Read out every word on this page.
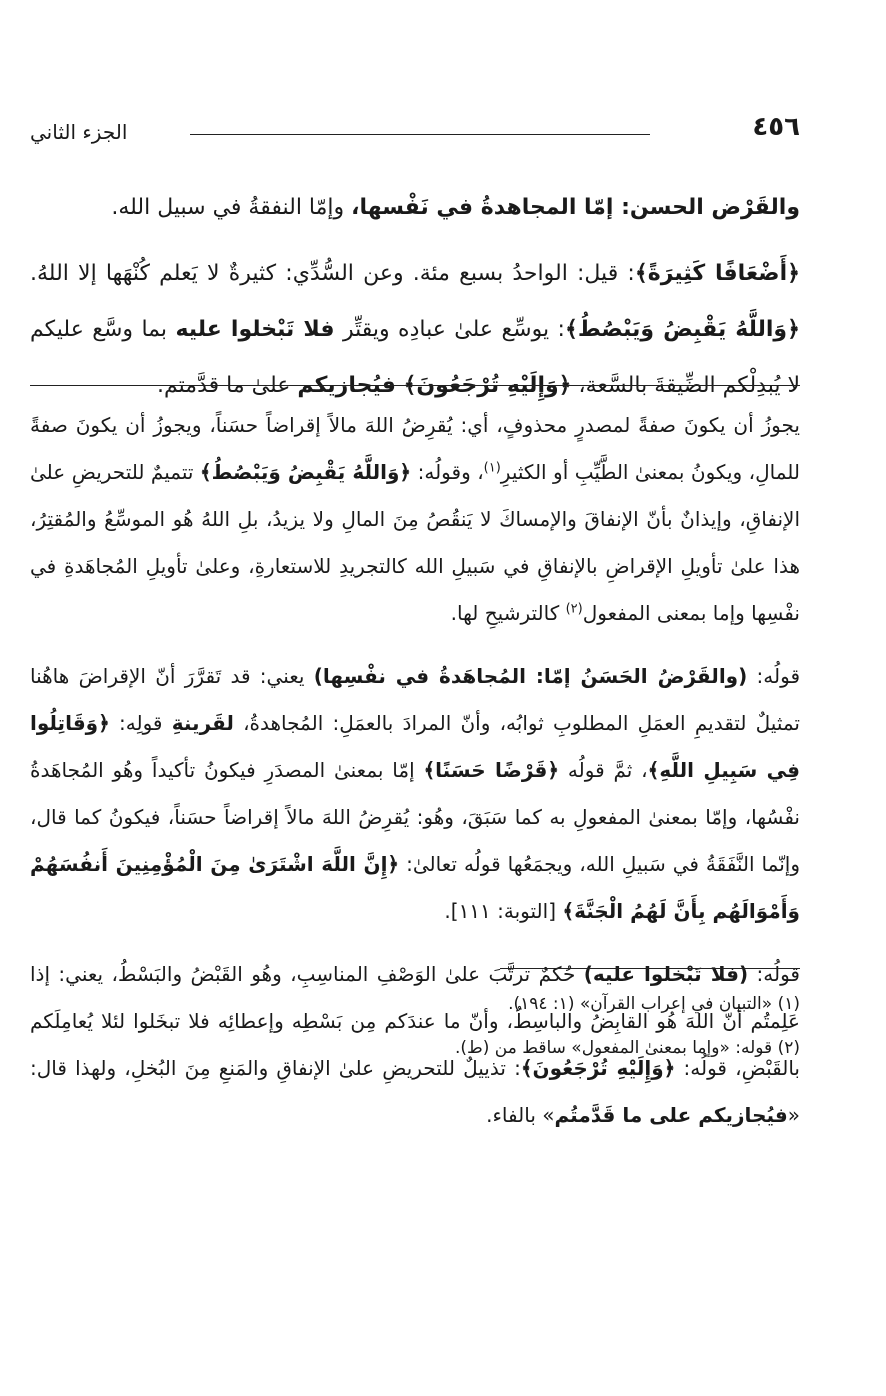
٤٥٦
الجزء الثاني

والقَرْض الحسن: إمّا المجاهدةُ في نَفْسها، وإمّا النفقةُ في سبيل الله.

﴿أَضْعَافًا كَثِيرَةً﴾: قيل: الواحدُ بسبع مئة. وعن السُّدِّي: كثيرةٌ لا يَعلم كُنْهَها إلا اللهُ. ﴿وَاللَّهُ يَقْبِضُ وَيَبْصُطُ﴾: يوسِّع علىٰ عبادِه ويقتِّر فلا تَبْخلوا عليه بما وسَّع عليكم لا يُبدِلْكم الضِّيقةَ بالسَّعة، ﴿وَإِلَيْهِ تُرْجَعُونَ﴾ فيُجازيكم علىٰ ما قدَّمتم.

يجوزُ أن يكونَ صفةً لمصدرٍ محذوفٍ، أي: يُقرِضُ اللهَ مالاً إقراضاً حسَناً، ويجوزُ أن يكونَ صفةً للمالِ، ويكونُ بمعنىٰ الطَّيِّبِ أو الكثيرِ$^{(١)}$، وقولُه: ﴿وَاللَّهُ يَقْبِضُ وَيَبْصُطُ﴾ تتميمٌ للتحريضِ علىٰ الإنفاقِ، وإيذانٌ بأنّ الإنفاقَ والإمساكَ لا يَنقُصُ مِنَ المالِ ولا يزيدُ، بلِ اللهُ هُو الموسِّعُ والمُقتِرُ، هذا علىٰ تأويلِ الإقراضِ بالإنفاقِ في سَبيلِ الله كالتجريدِ للاستعارةِ، وعلىٰ تأويلِ المُجاهَدةِ في نفْسِها وإما بمعنى المفعول$^{(٢)}$ كالترشيحِ لها.

قولُه: (والقَرْضُ الحَسَنُ إمّا: المُجاهَدةُ في نفْسِها) يعني: قد تَقرَّرَ أنّ الإقراضَ هاهُنا تمثيلٌ لتقديمِ العمَلِ المطلوبِ ثوابُه، وأنّ المرادَ بالعمَلِ: المُجاهدةُ، لقَرينةِ قولِه: ﴿وَقَاتِلُوا فِي سَبِيلِ اللَّهِ﴾، ثمَّ قولُه ﴿قَرْضًا حَسَنًا﴾ إمّا بمعنىٰ المصدَرِ فيكونُ تأكيداً وهُو المُجاهَدةُ نفْسُها، وإمّا بمعنىٰ المفعولِ به كما سَبَقَ، وهُو: يُقرِضُ اللهَ مالاً إقراضاً حسَناً، فيكونُ كما قال، وإنّما النَّفَقَةُ في سَبيلِ الله، ويجمَعُها قولُه تعالىٰ: ﴿إِنَّ اللَّهَ اشْتَرَىٰ مِنَ الْمُؤْمِنِينَ أَنفُسَهُمْ وَأَمْوَالَهُم بِأَنَّ لَهُمُ الْجَنَّةَ﴾ [التوبة: ١١١].

قولُه: (فلا تَبْخلوا عليه) حُكمٌ ترتَّبَ علىٰ الوَصْفِ المناسِبِ، وهُو القَبْضُ والبَسْطُ، يعني: إذا عَلِمتُم أنّ اللهَ هُو القابِضُ والباسِطُ، وأنّ ما عندَكم مِن بَسْطِه وإعطائِه فلا تبخَلوا لئلا يُعامِلَكم بالقَبْضِ، قولُه: ﴿وَإِلَيْهِ تُرْجَعُونَ﴾: تذييلٌ للتحريضِ علىٰ الإنفاقِ والمَنعِ مِنَ البُخلِ، ولهذا قال: «فيُجازيكم على ما قَدَّمتُم» بالفاء.

(١) «التبيان في إعراب القرآن» (١: ١٩٤).

(٢) قوله: «وإما بمعنىٰ المفعول» ساقط من (ط).
